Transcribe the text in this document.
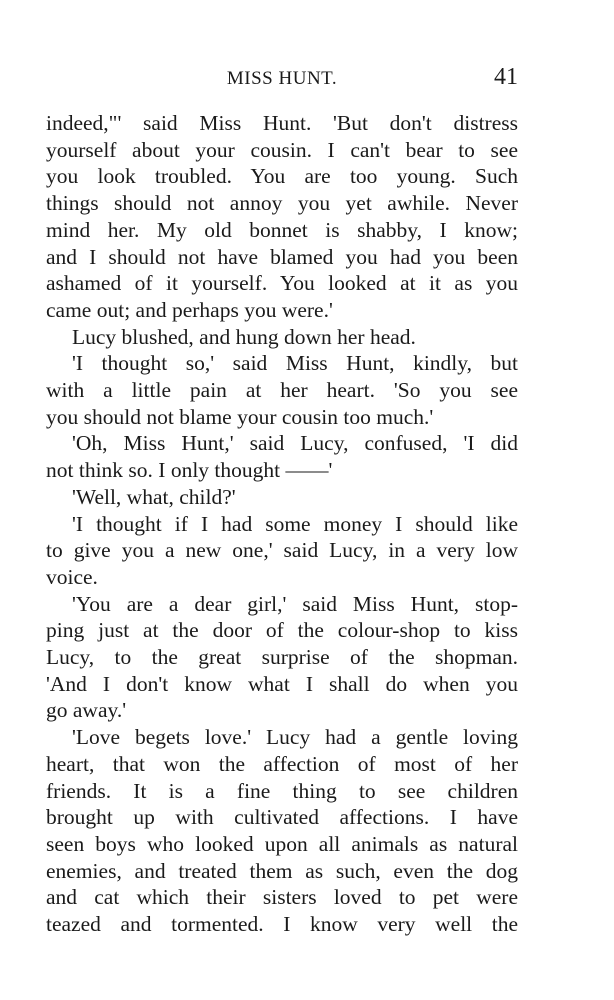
MISS HUNT.	41
indeed,"' said Miss Hunt. 'But don't distress
yourself about your cousin. I can't bear to see
you look troubled. You are too young. Such
things should not annoy you yet awhile. Never
mind her. My old bonnet is shabby, I know;
and I should not have blamed you had you been
ashamed of it yourself. You looked at it as you
came out; and perhaps you were.'
Lucy blushed, and hung down her head.
'I thought so,' said Miss Hunt, kindly, but
with a little pain at her heart. 'So you see
you should not blame your cousin too much.'
'Oh, Miss Hunt,' said Lucy, confused, 'I did
not think so. I only thought ——'
'Well, what, child?'
'I thought if I had some money I should like
to give you a new one,' said Lucy, in a very low
voice.
'You are a dear girl,' said Miss Hunt, stop-
ping just at the door of the colour-shop to kiss
Lucy, to the great surprise of the shopman.
'And I don't know what I shall do when you
go away.'
'Love begets love.' Lucy had a gentle loving
heart, that won the affection of most of her
friends. It is a fine thing to see children
brought up with cultivated affections. I have
seen boys who looked upon all animals as natural
enemies, and treated them as such, even the dog
and cat which their sisters loved to pet were
teazed and tormented. I know very well the
